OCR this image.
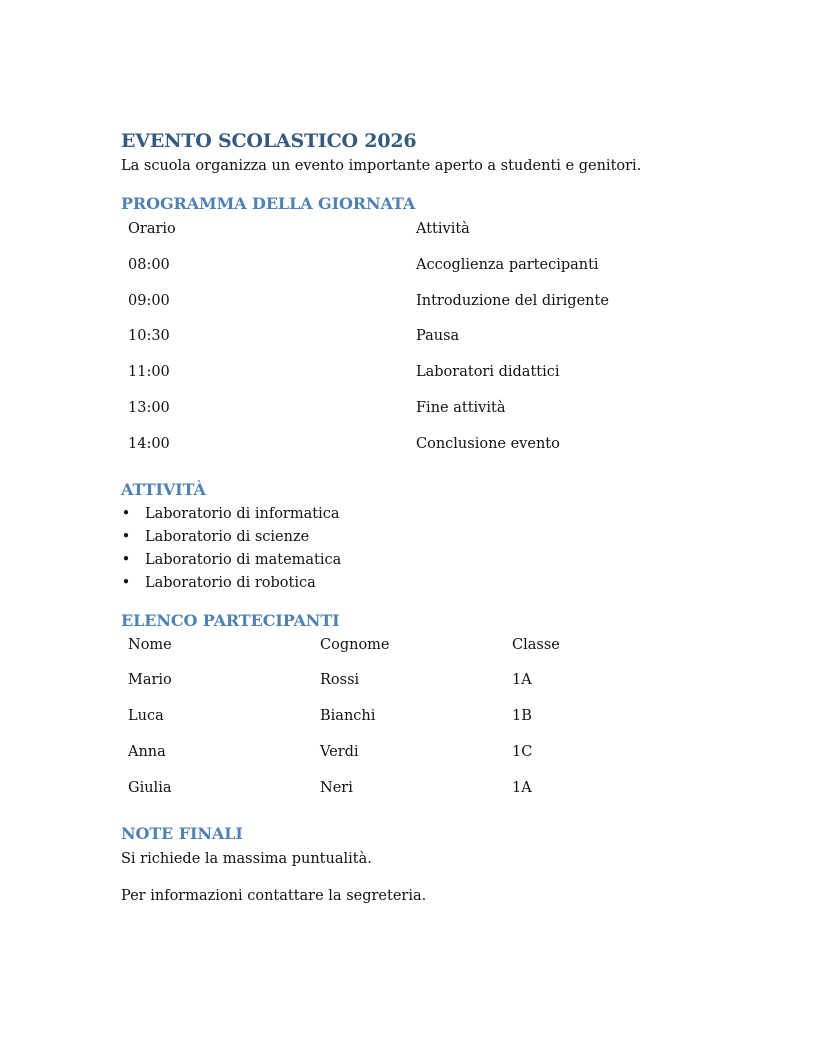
EVENTO SCOLASTICO 2026

La scuola organizza un evento importante aperto a studenti e genitori.

PROGRAMMA DELLA GIORNATA
Orario	Attività
08:00	Accoglienza partecipanti
09:00	Introduzione del dirigente
10:30	Pausa
11:00	Laboratori didattici
13:00	Fine attività
14:00	Conclusione evento
ATTIVITÀ
• Laboratorio di informatica
• Laboratorio di scienze
• Laboratorio di matematica
• Laboratorio di robotica
ELENCO PARTECIPANTI
Nome	Cognome	Classe
Mario	Rossi	1A
Luca	Bianchi	1B
Anna	Verdi	1C
Giulia	Neri	1A
NOTE FINALI

Si richiede la massima puntualità.

Per informazioni contattare la segreteria.
